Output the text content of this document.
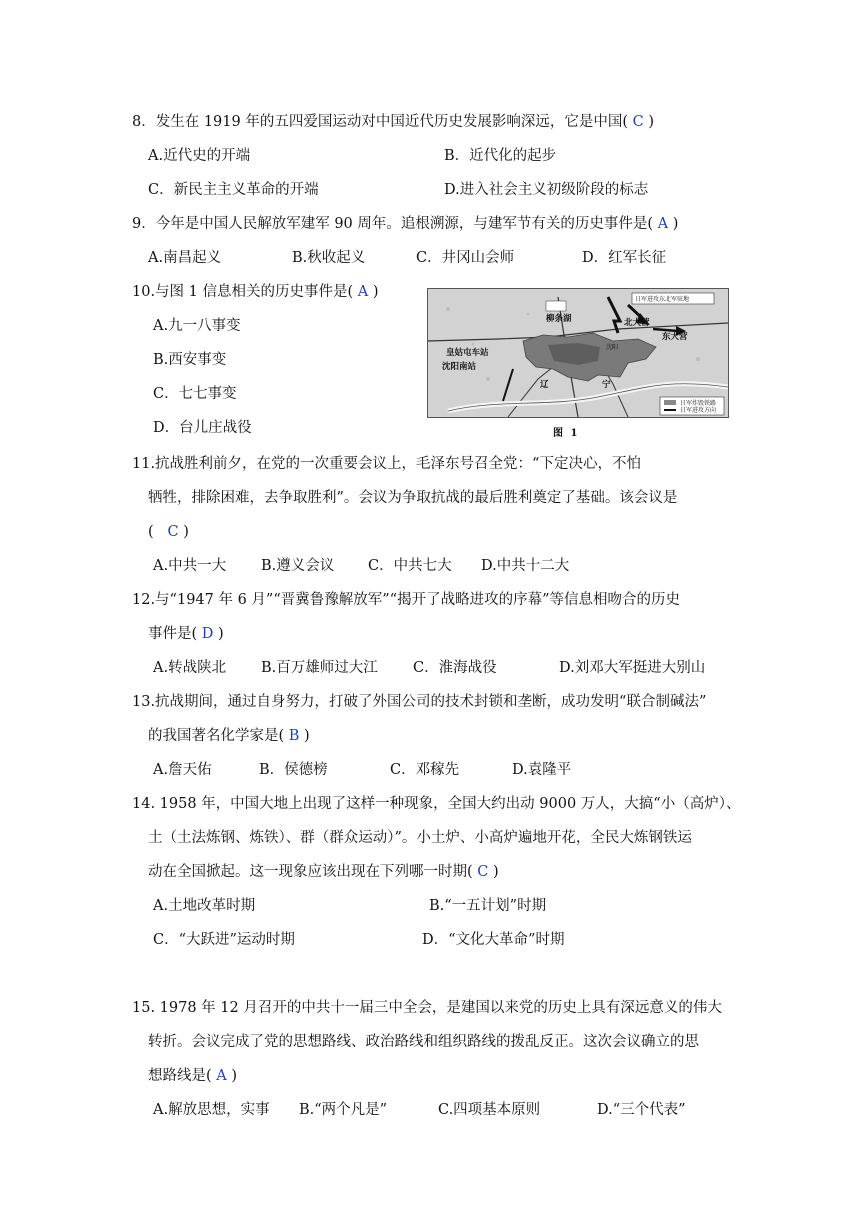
8．发生在 1919 年的五四爱国运动对中国近代历史发展影响深远，它是中国( C )
A.近代史的开端	B．近代化的起步
C．新民主主义革命的开端	D.进入社会主义初级阶段的标志
9．今年是中国人民解放军建军 90 周年。追根溯源，与建军节有关的历史事件是( A )
A.南昌起义	B.秋收起义	C．井冈山会师	D．红军长征
10.与图 1 信息相关的历史事件是( A )
A.九一八事变
B.西安事变
C．七七事变
D．台儿庄战役
柳条湖	北大营
东大营
皇姑屯车站
沈阳南站
沈阳
辽	宁
日军进攻东北军驻地
日军炸毁铁路
日军进攻方向
图 1
11.抗战胜利前夕，在党的一次重要会议上，毛泽东号召全党：“下定决心，不怕
牺牲，排除困难，去争取胜利”。会议为争取抗战的最后胜利奠定了基础。该会议是
( C )
A.中共一大 B.遵义会议 C．中共七大 D.中共十二大
12.与“1947 年 6 月”“晋冀鲁豫解放军”“揭开了战略进攻的序幕”等信息相吻合的历史
事件是( D )
A.转战陕北 B.百万雄师过大江 C．淮海战役	D.刘邓大军挺进大别山
13.抗战期间，通过自身努力，打破了外国公司的技术封锁和垄断，成功发明“联合制碱法”
的我国著名化学家是( B )
A.詹天佑	B．侯德榜	C．邓稼先	D.袁隆平
14. 1958 年，中国大地上出现了这样一种现象，全国大约出动 9000 万人，大搞“小（高炉）、
土（土法炼钢、炼铁）、群（群众运动）”。小土炉、小高炉遍地开花，全民大炼钢铁运
动在全国掀起。这一现象应该出现在下列哪一时期( C )
A.土地改革时期	B.“一五计划”时期
C．“大跃进”运动时期	D．“文化大革命”时期
15. 1978 年 12 月召开的中共十一届三中全会，是建国以来党的历史上具有深远意义的伟大
转折。会议完成了党的思想路线、政治路线和组织路线的拨乱反正。这次会议确立的思
想路线是( A )
A.解放思想，实事 B.“两个凡是”	C.四项基本原则	D.“三个代表”
